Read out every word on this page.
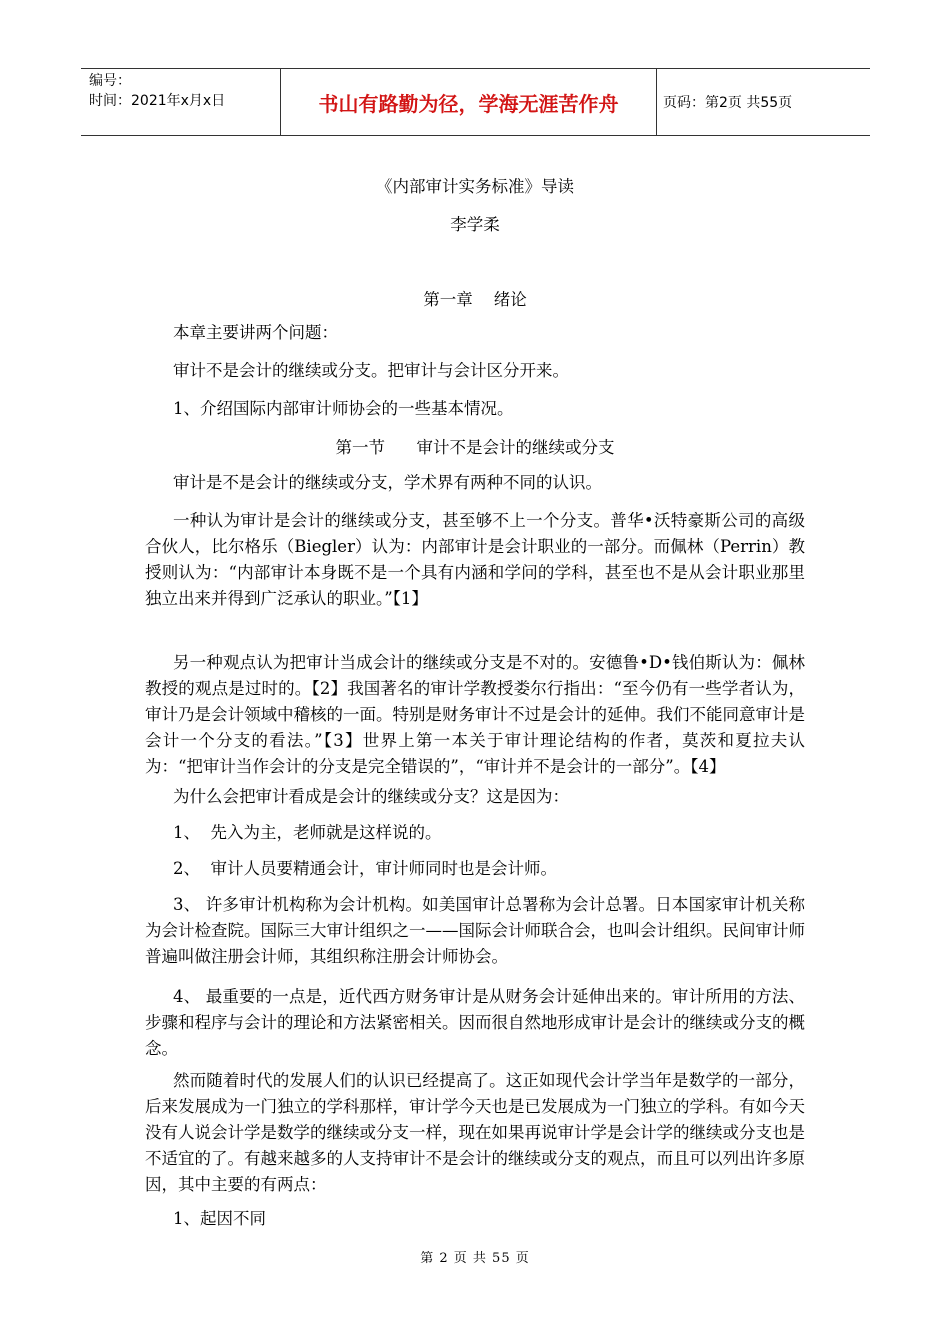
编号：
时间：2021年x月x日	书山有路勤为径，学海无涯苦作舟	页码：第2页 共55页
《内部审计实务标准》导读
李学柔
第一章    绪论
本章主要讲两个问题：
审计不是会计的继续或分支。把审计与会计区分开来。
1、介绍国际内部审计师协会的一些基本情况。
第一节      审计不是会计的继续或分支
审计是不是会计的继续或分支，学术界有两种不同的认识。
一种认为审计是会计的继续或分支，甚至够不上一个分支。普华•沃特豪斯公司的高级合伙人，比尔格乐（Biegler）认为：内部审计是会计职业的一部分。而佩林（Perrin）教授则认为：“内部审计本身既不是一个具有内涵和学问的学科，甚至也不是从会计职业那里独立出来并得到广泛承认的职业。”【1】
另一种观点认为把审计当成会计的继续或分支是不对的。安德鲁•D•钱伯斯认为：佩林教授的观点是过时的。【2】我国著名的审计学教授娄尔行指出：“至今仍有一些学者认为，审计乃是会计领域中稽核的一面。特别是财务审计不过是会计的延伸。我们不能同意审计是会计一个分支的看法。”【3】世界上第一本关于审计理论结构的作者，莫茨和夏拉夫认为：“把审计当作会计的分支是完全错误的”，“审计并不是会计的一部分”。【4】
为什么会把审计看成是会计的继续或分支？这是因为：
1、  先入为主，老师就是这样说的。
2、  审计人员要精通会计，审计师同时也是会计师。
3、 许多审计机构称为会计机构。如美国审计总署称为会计总署。日本国家审计机关称为会计检查院。国际三大审计组织之一——国际会计师联合会，也叫会计组织。民间审计师普遍叫做注册会计师，其组织称注册会计师协会。
4、 最重要的一点是，近代西方财务审计是从财务会计延伸出来的。审计所用的方法、步骤和程序与会计的理论和方法紧密相关。因而很自然地形成审计是会计的继续或分支的概念。
然而随着时代的发展人们的认识已经提高了。这正如现代会计学当年是数学的一部分，后来发展成为一门独立的学科那样，审计学今天也是已发展成为一门独立的学科。有如今天没有人说会计学是数学的继续或分支一样，现在如果再说审计学是会计学的继续或分支也是不适宜的了。有越来越多的人支持审计不是会计的继续或分支的观点，而且可以列出许多原因，其中主要的有两点：
1、起因不同
第 2 页 共 55 页
